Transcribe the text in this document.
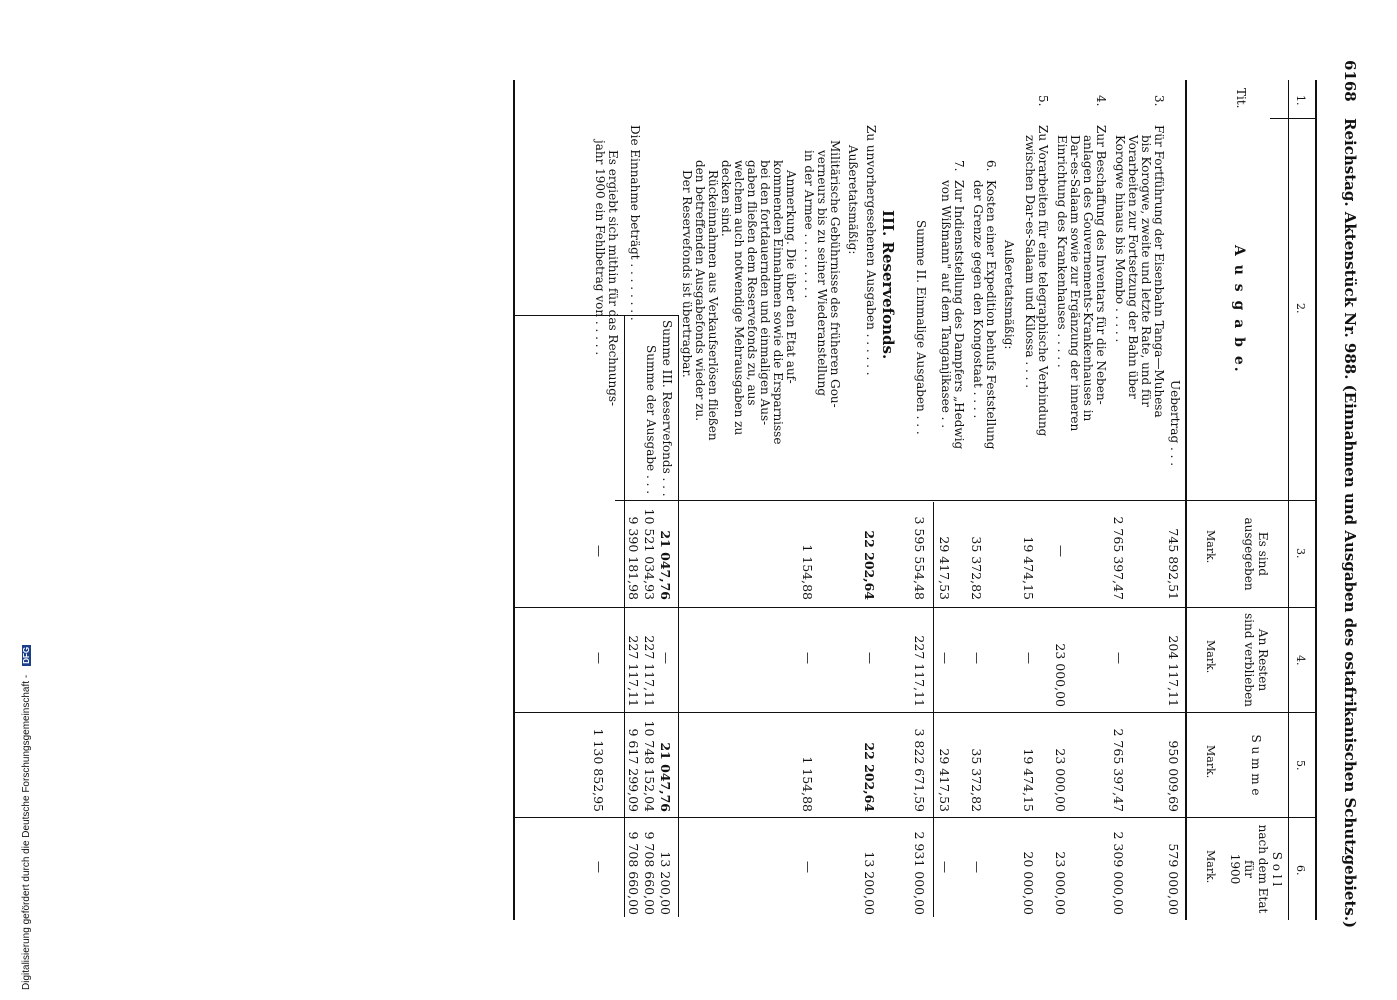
6168
Reichstag. Aktenstück Nr. 988. (Einnahmen und Ausgaben des ostafrikanischen Schutzgebiets.)
1.
2.
3.
4.
5.
6.
Tit.
A u s g a b e.
Es sind
ausgegeben
An Resten
sind verblieben
S u m m e
S o l l
nach dem Etat
für
1900
Mark.
Mark.
Mark.
Mark.
Uebertrag . . .
745 892,51
204 117,11
950 009,69
579 000,00
3.
Für Fortführung der Eisenbahn Tanga—Muhesa
bis Korogwe, zweite und letzte Rate, und für
Vorarbeiten zur Fortsetzung der Bahn über
Korogwe hinaus bis Mombo . . . . .
2 765 397,47
—
2 765 397,47
2 309 000,00
4.
Zur Beschaffung des Inventars für die Neben-
anlagen des Gouvernements-Krankenhauses in
Dar-es-Salaam sowie zur Ergänzung der inneren
Einrichtung des Krankenhauses . . . . .
—
23 000,00
23 000,00
23 000,00
5.
Zu Vorarbeiten für eine telegraphische Verbindung
zwischen Dar-es-Salaam und Kilossa . . . .
19 474,15
—
19 474,15
20 000,00
Außeretatsmäßig:
6.
Kosten einer Expedition behufs Feststellung
der Grenze gegen den Kongostaat . . . .
35 372,82
—
35 372,82
—
7.
Zur Indienststellung des Dampfers „Hedwig
von Wißmann" auf dem Tanganjikasee . .
29 417,53
—
29 417,53
—
Summe II. Einmalige Ausgaben . . .
3 595 554,48
227 117,11
3 822 671,59
2 931 000,00
III. Reservefonds.
Zu unvorhergesehenen Ausgaben . . . . . .
22 202,64
—
22 202,64
13 200,00
Außeretatsmäßig:
Militärische Gebührnisse des früheren Gou-
verneurs bis zu seiner Wiederanstellung
in der Armee . . . . . . . . .
1 154,88
—
1 154,88
—
Anmerkung. Die über den Etat auf-
kommenden Einnahmen sowie die Ersparnisse
bei den fortdauernden und einmaligen Aus-
gaben fließen dem Reservefonds zu, aus
welchem auch notwendige Mehrausgaben zu
decken sind.
Rückeinnahmen aus Verkaufserlösen fließen
den betreffenden Ausgabefonds wieder zu.
Der Reservefonds ist übertragbar.
Summe III. Reservefonds . . .
21 047,76
—
21 047,76
13 200,00
Summe der Ausgabe . . .
10 521 034,93
227 117,11
10 748 152,04
9 708 660,00
Die Einnahme beträgt . . . . . . . .
9 390 181,98
227 117,11
9 617 299,09
9 708 660,00
Es ergiebt sich mithin für das Rechnungs-
jahr 1900 ein Fehlbetrag von . . . . .
—
—
1 130 852,95
—
Digitalisierung gefördert durch die Deutsche Forschungsgemeinschaft - DFG
